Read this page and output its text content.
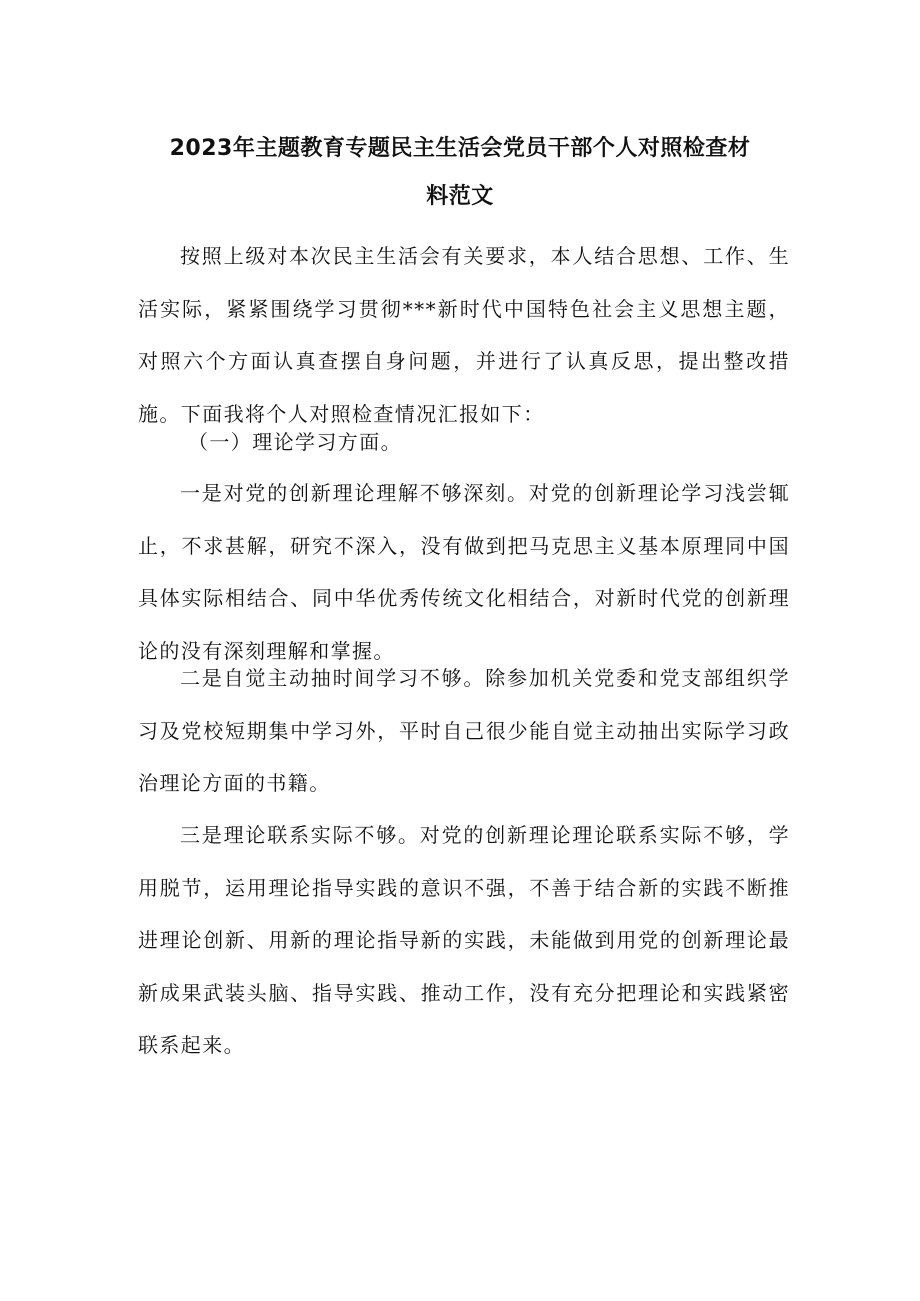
2023年主题教育专题民主生活会党员干部个人对照检查材
料范文

按照上级对本次民主生活会有关要求，本人结合思想、工作、生活实际，紧紧围绕学习贯彻***新时代中国特色社会主义思想主题，对照六个方面认真查摆自身问题，并进行了认真反思，提出整改措施。下面我将个人对照检查情况汇报如下：

（一）理论学习方面。

一是对党的创新理论理解不够深刻。对党的创新理论学习浅尝辄止，不求甚解，研究不深入，没有做到把马克思主义基本原理同中国具体实际相结合、同中华优秀传统文化相结合，对新时代党的创新理论的没有深刻理解和掌握。

二是自觉主动抽时间学习不够。除参加机关党委和党支部组织学习及党校短期集中学习外，平时自己很少能自觉主动抽出实际学习政治理论方面的书籍。

三是理论联系实际不够。对党的创新理论理论联系实际不够，学用脱节，运用理论指导实践的意识不强，不善于结合新的实践不断推进理论创新、用新的理论指导新的实践，未能做到用党的创新理论最新成果武装头脑、指导实践、推动工作，没有充分把理论和实践紧密联系起来。
